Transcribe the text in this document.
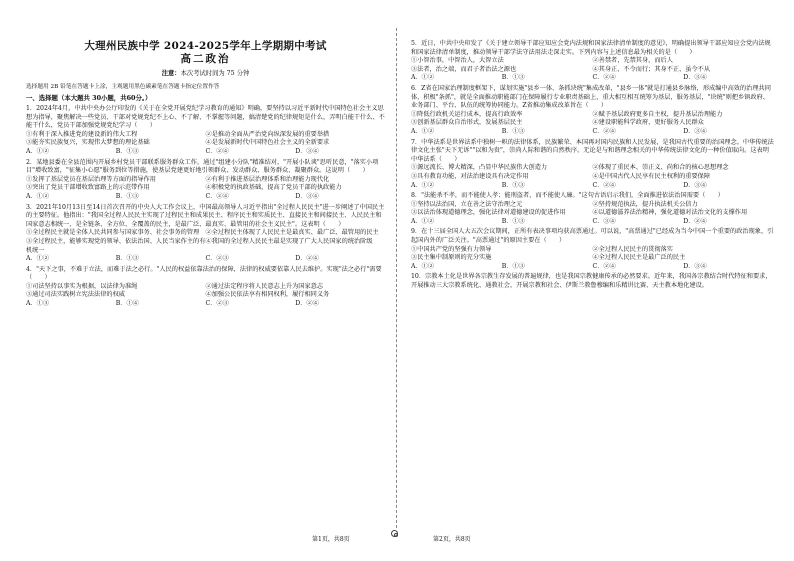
大理州民族中学 2024-2025学年上学期期中考试

高二政治

注意：本次考试时间为 75 分钟

选择题用 2B 铅笔在答题卡上涂，主观题用黑色碳素笔在答题卡指定位置作答

一、选择题（本大题共 30小题，共60分。）

1．2024年4月，中共中央办公厅印发的《关于在全党开展党纪学习教育的通知》明确，要坚持以习近平新时代中国特色社会主义思想为指导，聚焦解决一些党员、干部对党规党纪不上心、不了解、不掌握等问题，搞清楚党的纪律规矩是什么，弄明白能干什么、不能干什么，党员干部加强党规党纪学习（　　）

①有利于深入推进党的建设新的伟大工程	②是推动全面从严治党向纵深发展的重要举措
③能夯实民族复兴，实现伟大梦想的理论基础	④是发展新时代中国特色社会主义的全新要求
A．①②	B．①③	C．②④	D．③④

2．某地县委在全县范围内开展乡村党员干部联系服务群众工作，通过"组建小分队"精准结对，"开展小队谈"思听民意，"落实小项目"增收致富，"征集小心愿"服务到位等措施，使基层党建更好地引领群众、发动群众、服务群众、凝聚群众。这说明（　　）

①发挥了基层党员在基层治理等方面的指导作用	②有利于推进基层治理体系和治理能力现代化
③突出了党员干部增收致富路上的示范带作用	④积极党的执政基础，提高了党员干部的执政能力
A．①②	B．①③	C．②④	D．③④

3．2021年10月13日至14日首次召开的中央人大工作会议上，中国最高领导人习近平指出"全过程人民民主"进一步阐述了中国民主的主要特征。他指出："我国全过程人民民主实现了过程民主和成果民主、程序民主和实质民主、直接民主和间接民主、人民民主和国家意志相统一，是全链条、全方位、全覆盖的民主，是最广泛、最真实、最管用的社会主义民主"。这表明（　　）

①全过程民主就是全体人民共同参与国家事务、社会事务的管理	②全过程民主体现了人民民主是最真实、最广泛、最管用的民主
③全过程民主，能够实现党的领导、依法治国、人民当家作主的有机统一
④我国的全过程人民民主最是实现了广大人民国家的统治阶级
A．①②	B．①③	C．②③	D．②④

4．"天下之事，不难于立法，而难于法之必行。"人民的权益依靠法治的保障，法律的权威要依靠人民去维护。实现"法之必行"需要（　　）

①司法坚持以事实为根据，以法律为准绳	②通过法定程序将人民意志上升为国家意志
③通过司法实践树立宪法法律的权威	④加强公民依法享有相同权利，履行相同义务
A．①③	B．①④	C．②③	D．②④

5．近日，中共中央印发了《关于建立领导干部应知应会党内法规和国家法律清单制度的意见》，明确提出领导干部应知应会党内法规和国家法律清单制度，推动领导干部学法守法用法走深走实。下列内容与上述信息最为相关的是（　　）

①小智治事，中智治人，大智立法	②善禁者，先禁其身，而后人
③法者，治之端，而君子者治法之源也	④其身正，不令而行；其身不正，虽令不从
A．①②	B．①③	C．②④	D．③④

6．Z省在国家治理制度框架下，谋划实施"县乡一体、条抓块统"集成改革，"县乡一体"就是打通县乡脉络，形成编中高效的治理共同体，积极"条抓"，就是全面推动职能部门在保障履行专业职责基础上，重大相互相互统筹为基层，服务基层，"块统"则把乡镇政府、业务部门、平台、队伍的统筹协同能力。Z省推动集成改革旨在（　　）

①降低行政机关运行成本，提高行政效率	②赋予基层政府更多自主权，提升基层治理能力
③创新基层群众自治形式，发展基层民主	④建设职能科学政府，更好服务人民群众
A．①②	B．①③	C．②④	D．③④

7．中华法系是世界法系中独树一帜的法律体系，民族繁荣、本国再对国内民族和人民发展，是我国古代重要的治国理念。中华传统法律文化主张"天下无诉""以和为贵"，崇尚人际和谐的自然秩序。无论是与和谐理念相关的中华传统法律文化的一种价值取向。这表明中华法系（　　）

①源远流长、博大精深，凸显中华民族伟大创造力	②体现了重民本、崇正义、尚和合的核心思想理念
③具有教育功能，对法治建设具有决定作用	④是中国古代人民享有民主权利的重要保障
A．①②	B．①③	C．②④	D．③④

8．"法能杀不孝，而不能使人孝；能刑盗者，而不能使人廉。"这句古语启示我们，全面推进依法治国需要（　　）

①坚持以法治国，立在善之法守治理之元	②坚持规范执法，提升执法机关公信力
③以法治体现道德理念，强化法律对道德建设的促进作用	④以道德滋养法治精神，强化道德对法治文化的支撑作用
A．①②	B．①③	C．③④	D．②④

9．在十三届全国人大五次会议期间，正所有表决事项均获高票通过。可以说，"高票通过"已经成为当今中国一个重要的政治现象，引起国内外的广泛关注。"高票通过"的原因主要在（　　）

①中国共产党的坚强有力领导	②全过程人民民主的贯彻落实
③民主集中制原则的充分实施	④全过程人民民主是最广泛的民主
A．①②	B．①③	C．②④	D．③④

10．宗教本土化是世界各宗教生存发展的普遍规律，也是我国宗教健康传承的必然要求。近年来，我国各宗教结合时代特征和要求，开展推动三大宗教系统化、通教社会，开展宗教和社会、伊斯兰教鲁穆编和乐精讲比赛、天主教本地化建设。

第1页，共8页	第2页，共8页
